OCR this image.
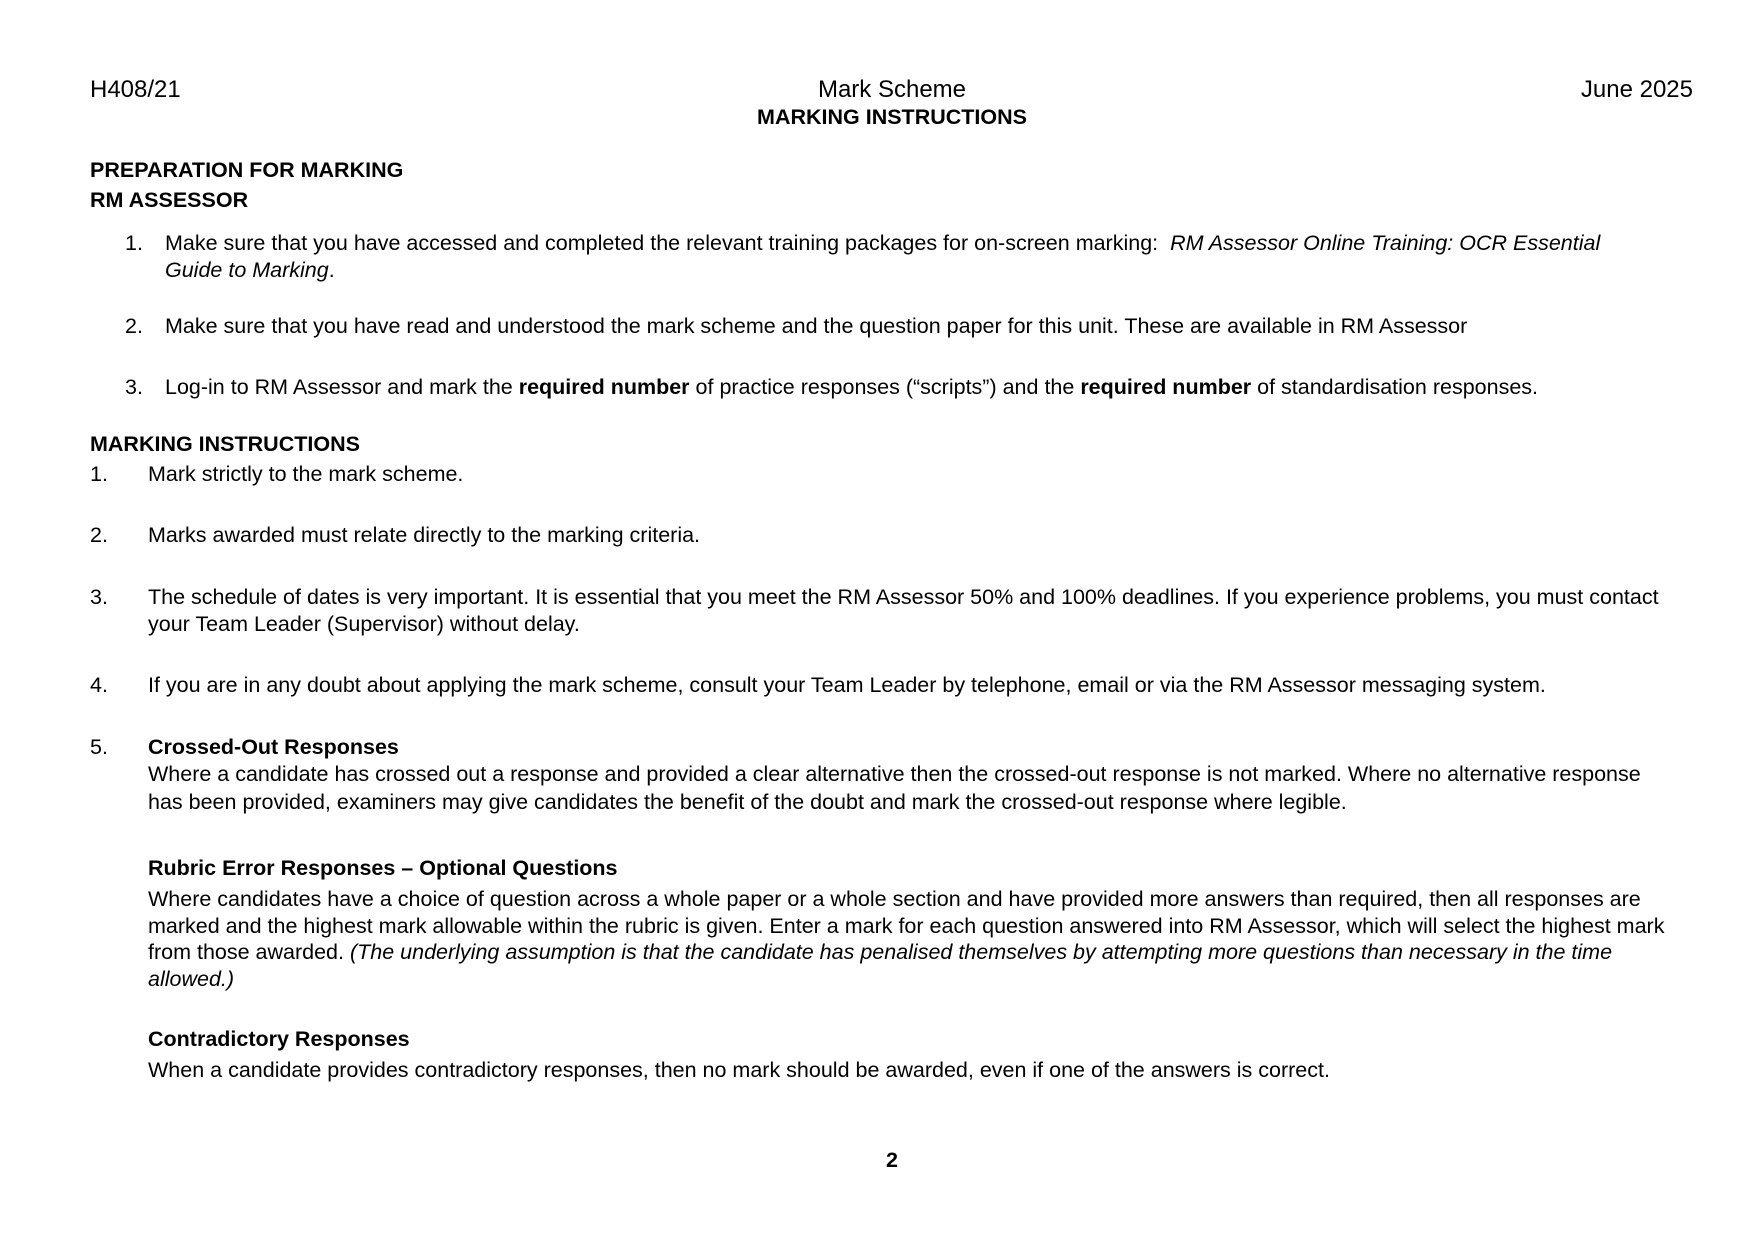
H408/21	Mark Scheme	June 2025
MARKING INSTRUCTIONS
PREPARATION FOR MARKING
RM ASSESSOR
1. Make sure that you have accessed and completed the relevant training packages for on-screen marking: RM Assessor Online Training: OCR Essential Guide to Marking.
2. Make sure that you have read and understood the mark scheme and the question paper for this unit. These are available in RM Assessor
3. Log-in to RM Assessor and mark the required number of practice responses (“scripts”) and the required number of standardisation responses.
MARKING INSTRUCTIONS
1. Mark strictly to the mark scheme.
2. Marks awarded must relate directly to the marking criteria.
3. The schedule of dates is very important. It is essential that you meet the RM Assessor 50% and 100% deadlines. If you experience problems, you must contact your Team Leader (Supervisor) without delay.
4. If you are in any doubt about applying the mark scheme, consult your Team Leader by telephone, email or via the RM Assessor messaging system.
5. Crossed-Out Responses
Where a candidate has crossed out a response and provided a clear alternative then the crossed-out response is not marked. Where no alternative response has been provided, examiners may give candidates the benefit of the doubt and mark the crossed-out response where legible.
Rubric Error Responses – Optional Questions
Where candidates have a choice of question across a whole paper or a whole section and have provided more answers than required, then all responses are marked and the highest mark allowable within the rubric is given. Enter a mark for each question answered into RM Assessor, which will select the highest mark from those awarded. (The underlying assumption is that the candidate has penalised themselves by attempting more questions than necessary in the time allowed.)
Contradictory Responses
When a candidate provides contradictory responses, then no mark should be awarded, even if one of the answers is correct.
2
